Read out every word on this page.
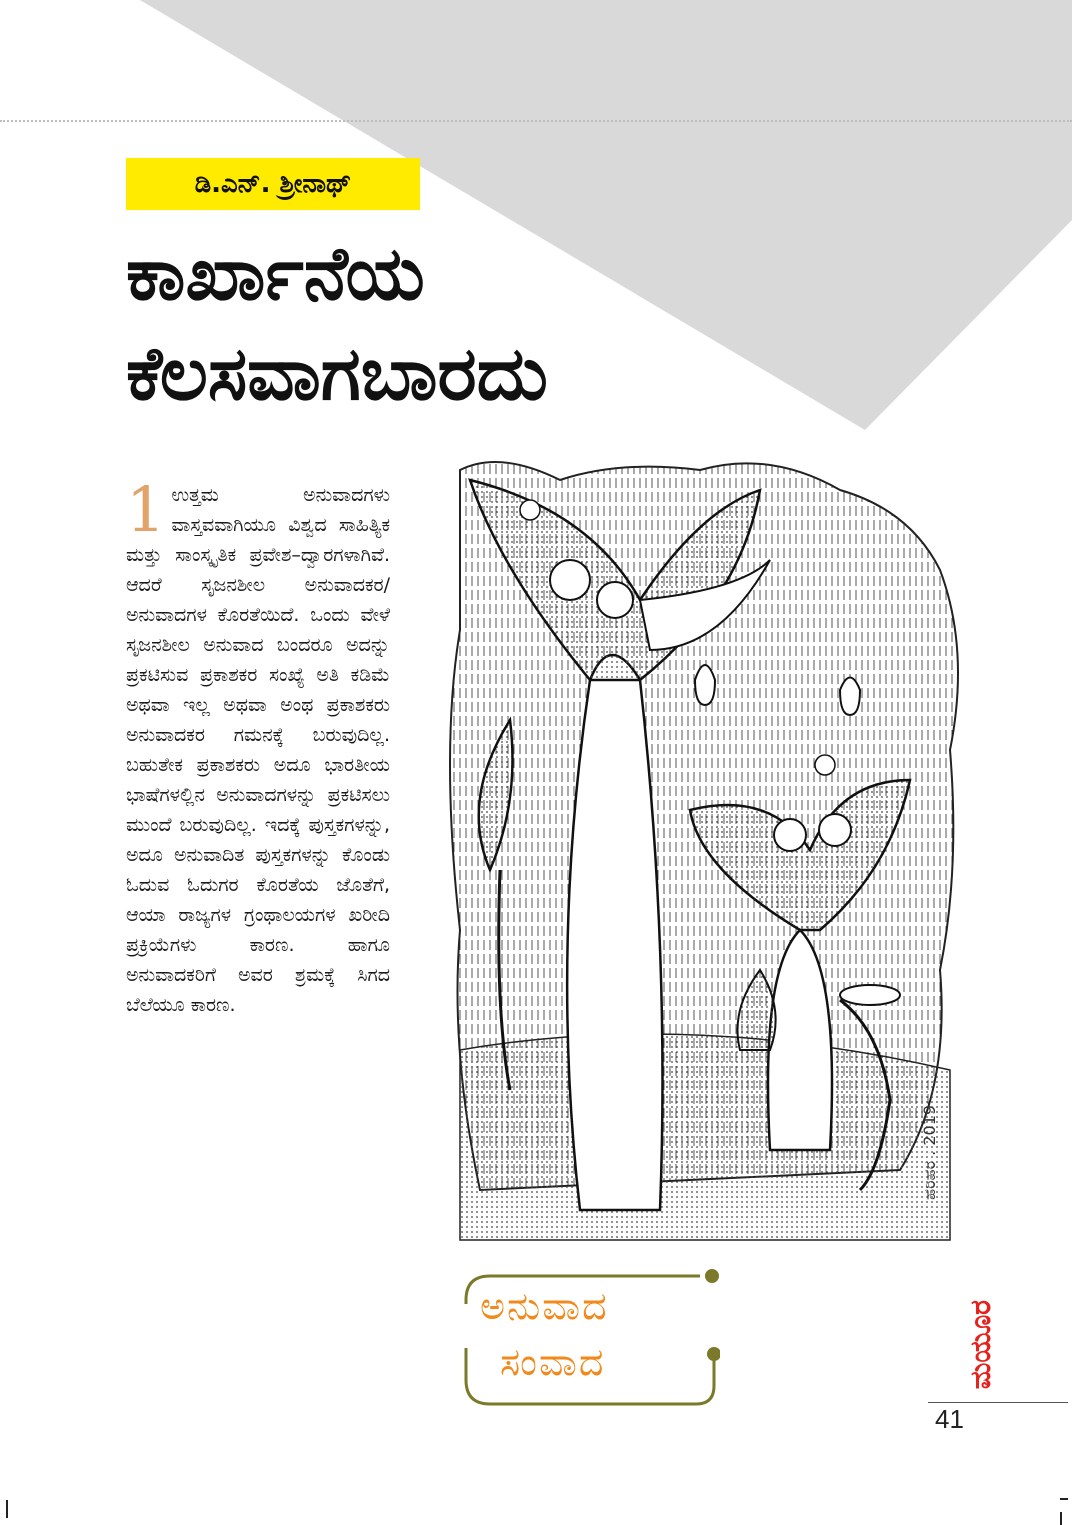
ಡಿ.ಎನ್. ಶ್ರೀನಾಥ್
ಕಾರ್ಖಾನೆಯ
ಕೆಲಸವಾಗಬಾರದು
1 ಉತ್ತಮ ಅನುವಾದಗಳು ವಾಸ್ತವವಾಗಿಯೂ ವಿಶ್ವದ ಸಾಹಿತ್ಯಿಕ ಮತ್ತು ಸಾಂಸ್ಕೃತಿಕ ಪ್ರವೇಶ–ದ್ವಾರಗಳಾಗಿವೆ. ಆದರೆ ಸೃಜನಶೀಲ ಅನುವಾದಕರ/ ಅನುವಾದಗಳ ಕೊರತೆಯಿದೆ. ಒಂದು ವೇಳೆ ಸೃಜನಶೀಲ ಅನುವಾದ ಬಂದರೂ ಅದನ್ನು ಪ್ರಕಟಿಸುವ ಪ್ರಕಾಶಕರ ಸಂಖ್ಯೆ ಅತಿ ಕಡಿಮೆ ಅಥವಾ ಇಲ್ಲ ಅಥವಾ ಅಂಥ ಪ್ರಕಾಶಕರು ಅನುವಾದಕರ ಗಮನಕ್ಕೆ ಬರುವುದಿಲ್ಲ. ಬಹುತೇಕ ಪ್ರಕಾಶಕರು ಅದೂ ಭಾರತೀಯ ಭಾಷೆಗಳಲ್ಲಿನ ಅನುವಾದಗಳನ್ನು ಪ್ರಕಟಿಸಲು ಮುಂದೆ ಬರುವುದಿಲ್ಲ. ಇದಕ್ಕೆ ಪುಸ್ತಕಗಳನ್ನು, ಅದೂ ಅನುವಾದಿತ ಪುಸ್ತಕಗಳನ್ನು ಕೊಂಡು ಓದುವ ಓದುಗರ ಕೊರತೆಯ ಜೊತೆಗೆ, ಆಯಾ ರಾಜ್ಯಗಳ ಗ್ರಂಥಾಲಯಗಳ ಖರೀದಿ ಪ್ರಕ್ರಿಯೆಗಳು ಕಾರಣ. ಹಾಗೂ ಅನುವಾದಕರಿಗೆ ಅವರ ಶ್ರಮಕ್ಕೆ ಸಿಗದ ಬೆಲೆಯೂ ಕಾರಣ.
ಹರಿಹರ . 2019
ಅನುವಾದ
ಸಂವಾದ	ಮಯೂರ
41
